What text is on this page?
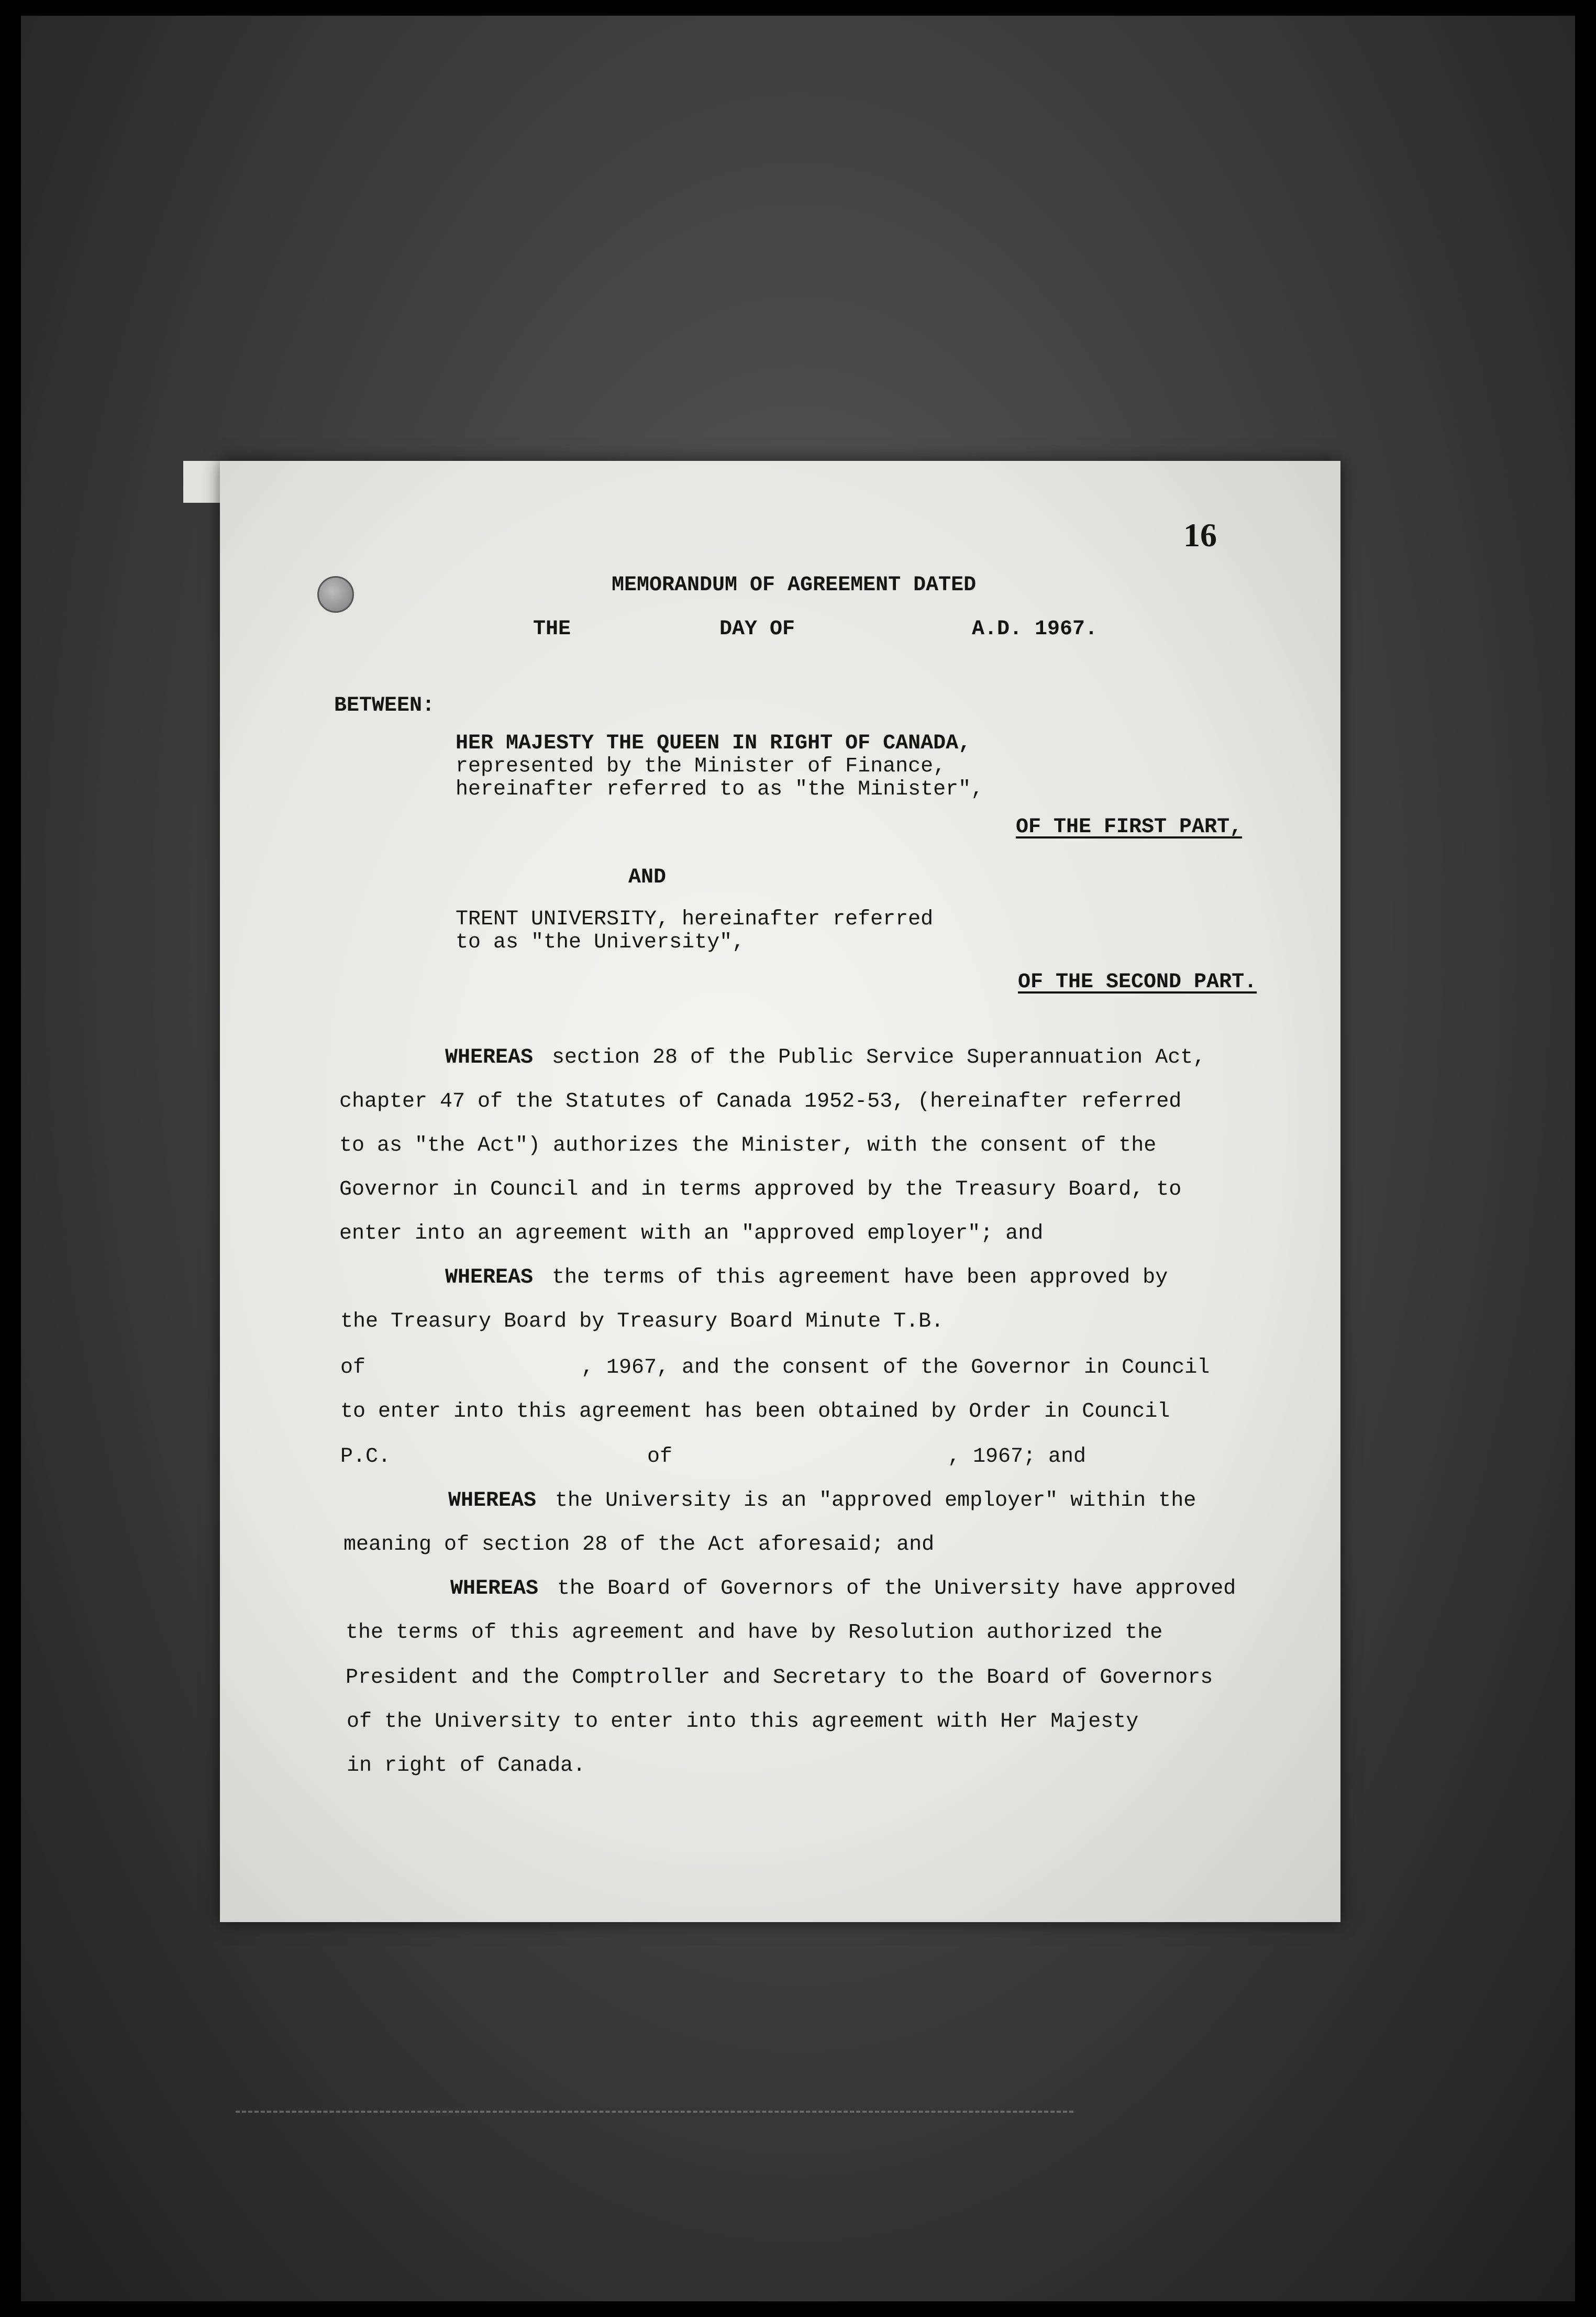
16
MEMORANDUM OF AGREEMENT DATED
THE	DAY OF	A.D. 1967.
BETWEEN:
HER MAJESTY THE QUEEN IN RIGHT OF CANADA,
represented by the Minister of Finance,
hereinafter referred to as "the Minister",
OF THE FIRST PART,
AND
TRENT UNIVERSITY, hereinafter referred
to as "the University",
OF THE SECOND PART.
WHEREAS section 28 of the Public Service Superannuation Act,
chapter 47 of the Statutes of Canada 1952-53, (hereinafter referred
to as "the Act") authorizes the Minister, with the consent of the
Governor in Council and in terms approved by the Treasury Board, to
enter into an agreement with an "approved employer"; and
WHEREAS the terms of this agreement have been approved by
the Treasury Board by Treasury Board Minute T.B.
of	, 1967, and the consent of the Governor in Council
to enter into this agreement has been obtained by Order in Council
P.C.	of	, 1967; and
WHEREAS the University is an "approved employer" within the
meaning of section 28 of the Act aforesaid; and
WHEREAS the Board of Governors of the University have approved
the terms of this agreement and have by Resolution authorized the
President and the Comptroller and Secretary to the Board of Governors
of the University to enter into this agreement with Her Majesty
in right of Canada.
